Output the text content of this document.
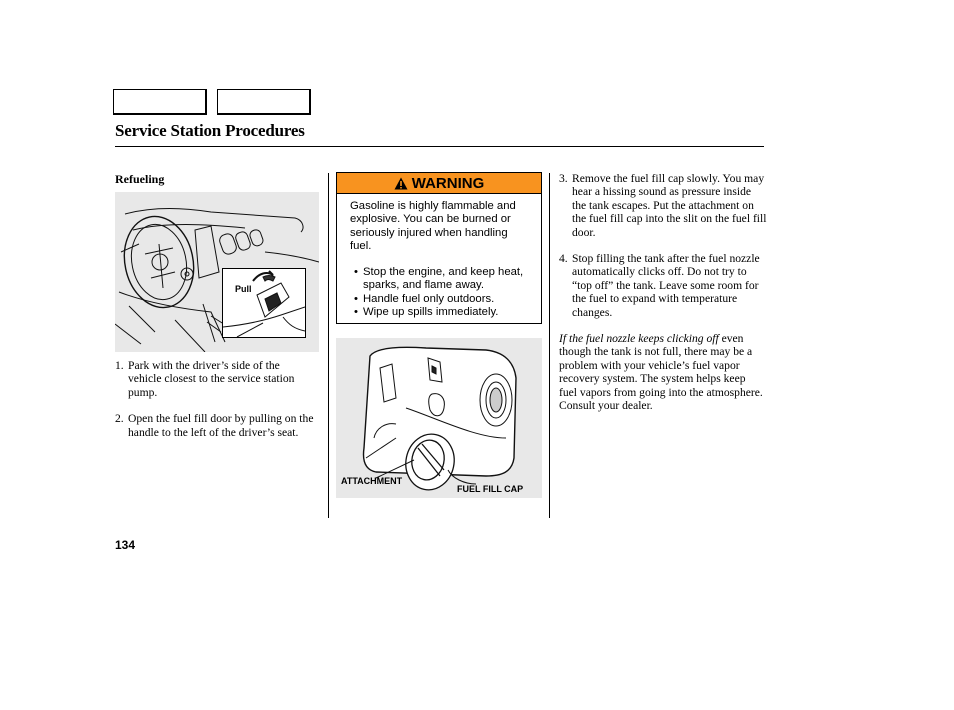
Service Station Procedures
Refueling
Pull
1. Park with the driver’s side of the vehicle closest to the service station pump.
2. Open the fuel fill door by pulling on the handle to the left of the driver’s seat.
WARNING
Gasoline is highly flammable and explosive. You can be burned or seriously injured when handling fuel.
• Stop the engine, and keep heat, sparks, and flame away.
• Handle fuel only outdoors.
• Wipe up spills immediately.
ATTACHMENT
FUEL FILL CAP
3. Remove the fuel fill cap slowly. You may hear a hissing sound as pressure inside the tank escapes. Put the attachment on the fuel fill cap into the slit on the fuel fill door.
4. Stop filling the tank after the fuel nozzle automatically clicks off. Do not try to “top off” the tank. Leave some room for the fuel to expand with temperature changes.
If the fuel nozzle keeps clicking off even though the tank is not full, there may be a problem with your vehicle’s fuel vapor recovery system. The system helps keep fuel vapors from going into the atmosphere. Consult your dealer.
134
